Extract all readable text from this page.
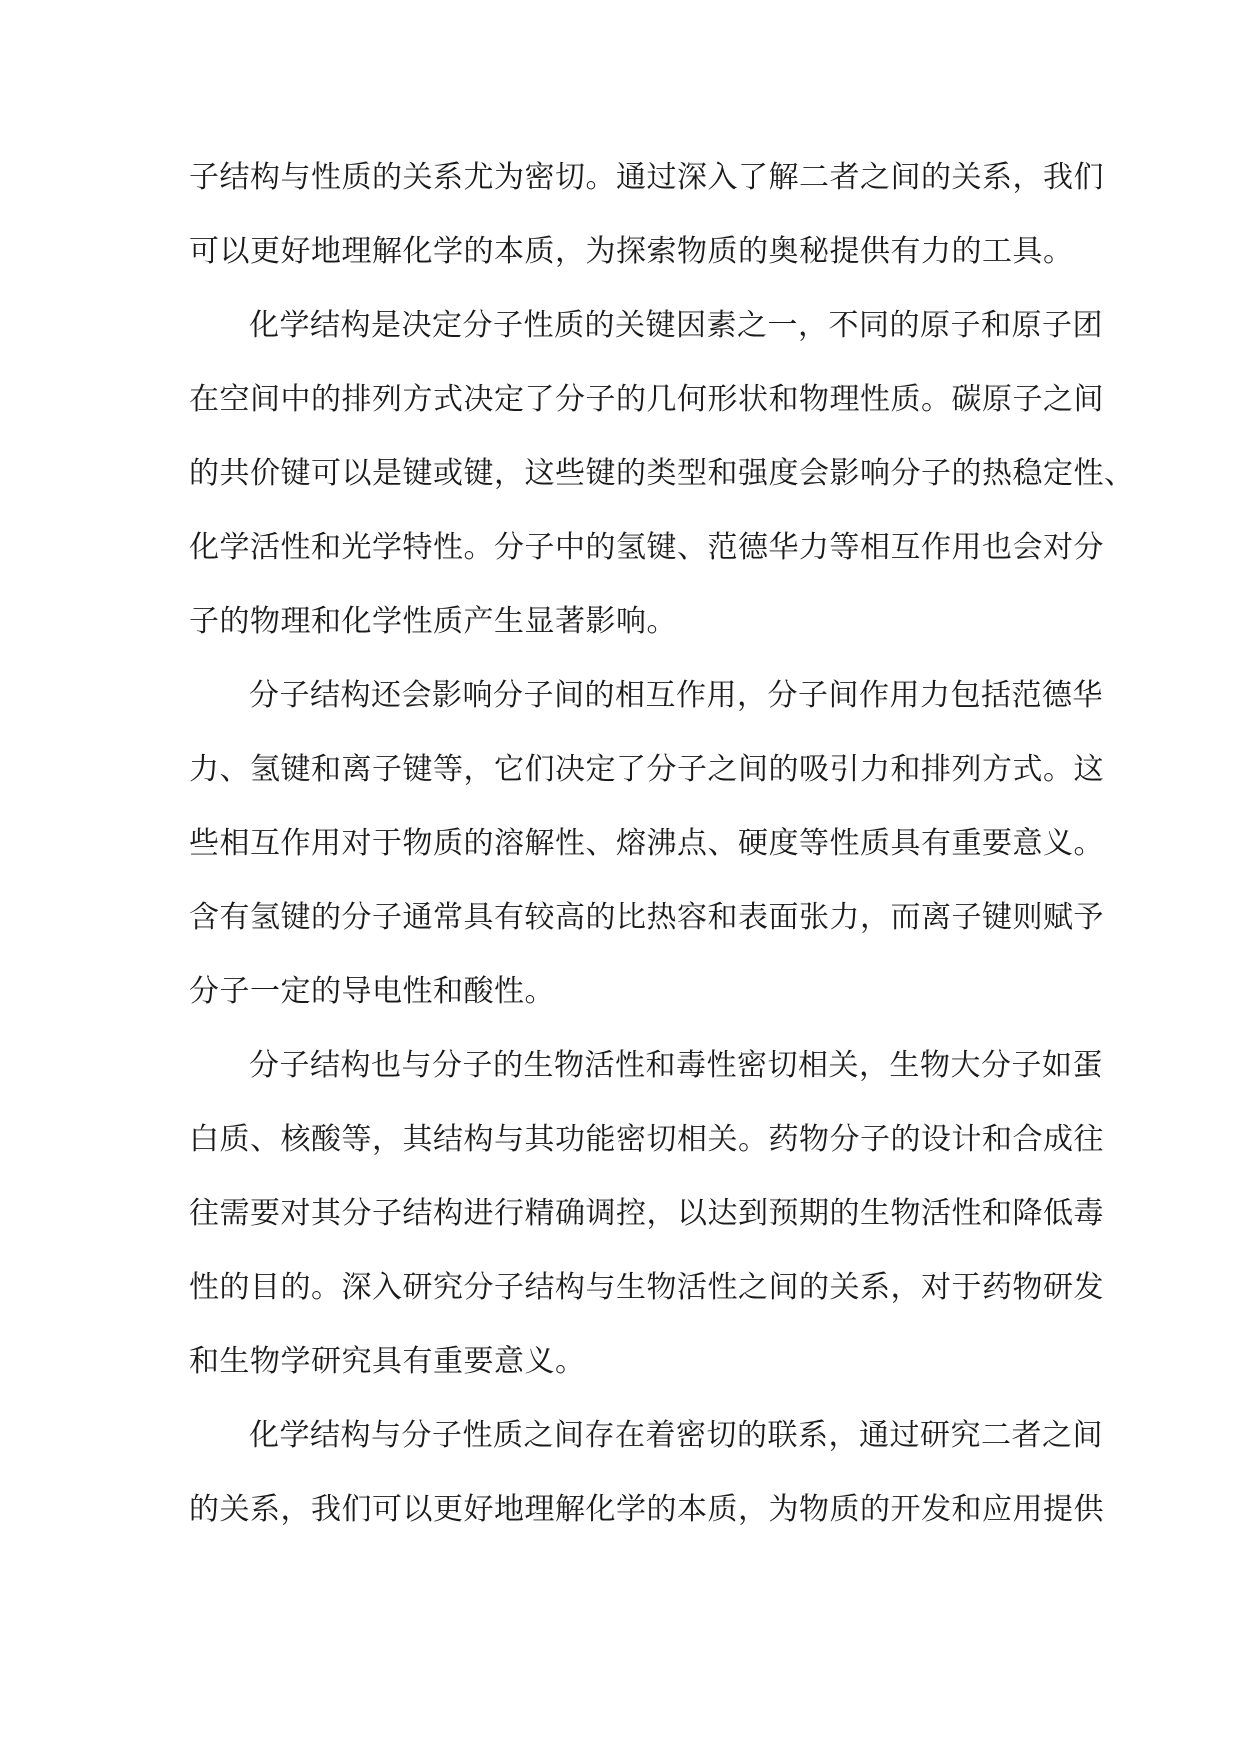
子结构与性质的关系尤为密切。通过深入了解二者之间的关系，我们
可以更好地理解化学的本质，为探索物质的奥秘提供有力的工具。
化学结构是决定分子性质的关键因素之一，不同的原子和原子团
在空间中的排列方式决定了分子的几何形状和物理性质。碳原子之间
的共价键可以是键或键，这些键的类型和强度会影响分子的热稳定性、
化学活性和光学特性。分子中的氢键、范德华力等相互作用也会对分
子的物理和化学性质产生显著影响。
分子结构还会影响分子间的相互作用，分子间作用力包括范德华
力、氢键和离子键等，它们决定了分子之间的吸引力和排列方式。这
些相互作用对于物质的溶解性、熔沸点、硬度等性质具有重要意义。
含有氢键的分子通常具有较高的比热容和表面张力，而离子键则赋予
分子一定的导电性和酸性。
分子结构也与分子的生物活性和毒性密切相关，生物大分子如蛋
白质、核酸等，其结构与其功能密切相关。药物分子的设计和合成往
往需要对其分子结构进行精确调控，以达到预期的生物活性和降低毒
性的目的。深入研究分子结构与生物活性之间的关系，对于药物研发
和生物学研究具有重要意义。
化学结构与分子性质之间存在着密切的联系，通过研究二者之间
的关系，我们可以更好地理解化学的本质，为物质的开发和应用提供
